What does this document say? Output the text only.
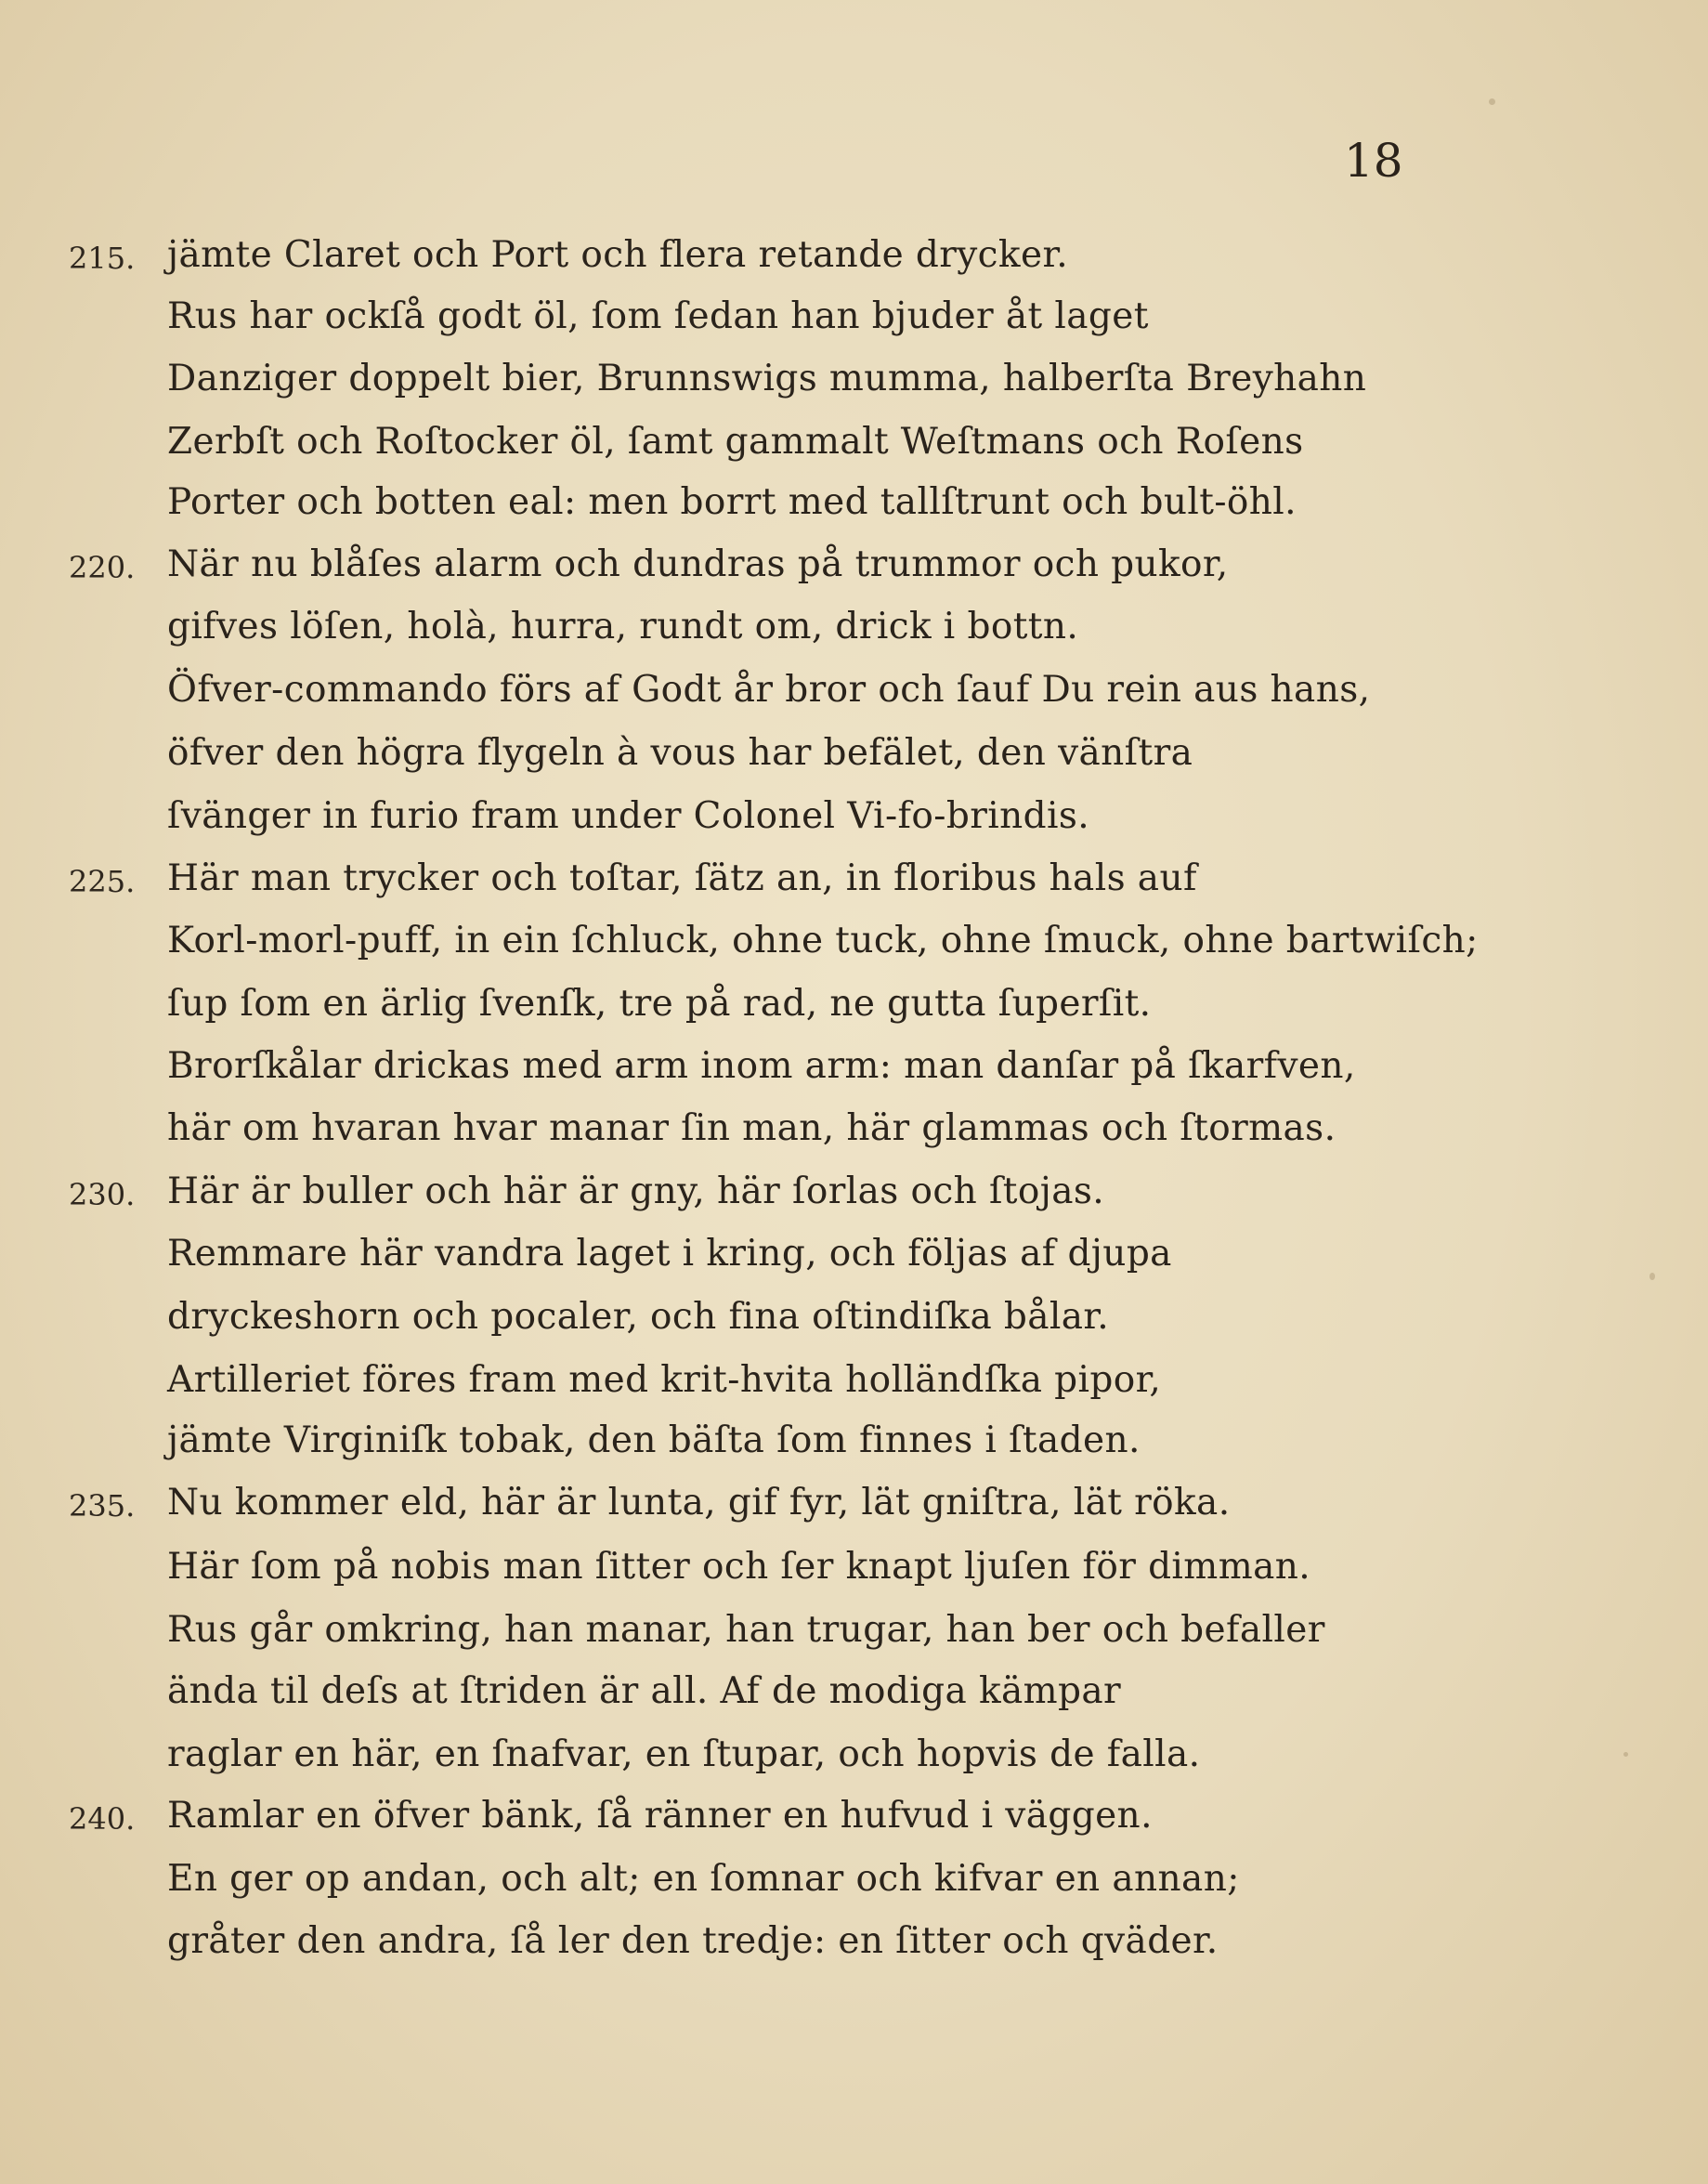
18
215. jämte Claret och Port och flera retande drycker.
Rus har ockſå godt öl, ſom ſedan han bjuder åt laget
Danziger doppelt bier, Brunnswigs mumma, halberſta Breyhahn
Zerbſt och Roſtocker öl, ſamt gammalt Weſtmans och Roſens
Porter och botten eal: men borrt med tallſtrunt och bult-öhl.
220. När nu blåſes alarm och dundras på trummor och pukor,
gifves löſen, holà, hurra, rundt om, drick i bottn.
Öfver-commando förs af Godt år bror och ſauf Du rein aus hans,
öfver den högra flygeln à vous har befälet, den vänſtra
ſvänger in furio fram under Colonel Vi-fo-brindis.
225. Här man trycker och toſtar, ſätz an, in floribus hals auf
Korl-morl-puff, in ein ſchluck, ohne tuck, ohne ſmuck, ohne bartwiſch;
ſup ſom en ärlig ſvenſk, tre på rad, ne gutta ſuperſit.
Brorſkålar drickas med arm inom arm: man danſar på ſkarfven,
här om hvaran hvar manar ſin man, här glammas och ſtormas.
230. Här är buller och här är gny, här ſorlas och ſtojas.
Remmare här vandra laget i kring, och följas af djupa
dryckeshorn och pocaler, och fina oſtindiſka bålar.
Artilleriet föres fram med krit-hvita holländſka pipor,
jämte Virginiſk tobak, den bäſta ſom finnes i ſtaden.
235. Nu kommer eld, här är lunta, gif fyr, lät gniſtra, lät röka.
Här ſom på nobis man ſitter och ſer knapt ljuſen för dimman.
Rus går omkring, han manar, han trugar, han ber och befaller
ända til deſs at ſtriden är all. Af de modiga kämpar
raglar en här, en ſnafvar, en ſtupar, och hopvis de falla.
240. Ramlar en öfver bänk, ſå ränner en hufvud i väggen.
En ger op andan, och alt; en ſomnar och kifvar en annan;
gråter den andra, ſå ler den tredje: en ſitter och qväder.
